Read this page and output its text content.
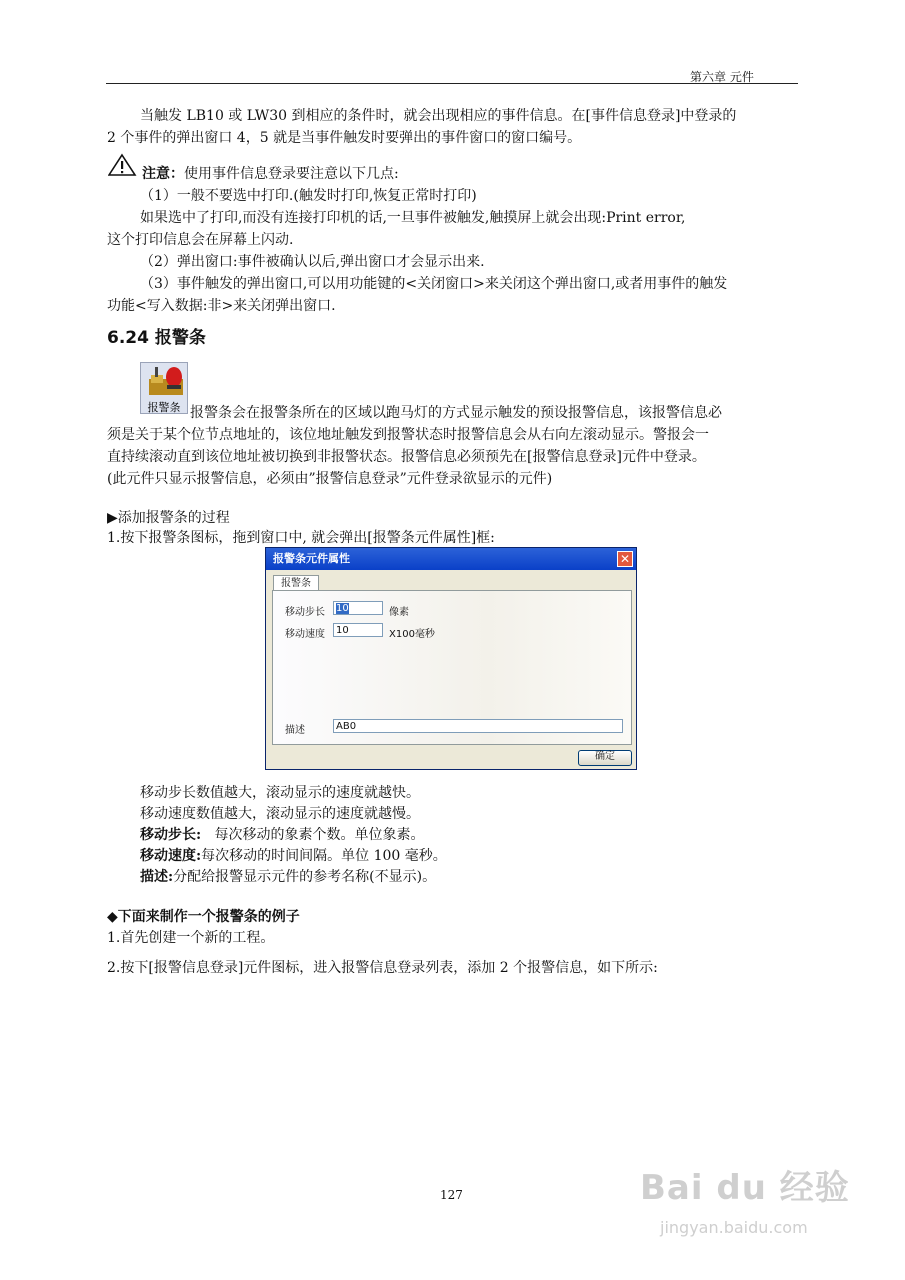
第六章 元件
当触发 LB10 或 LW30 到相应的条件时，就会出现相应的事件信息。在[事件信息登录]中登录的
2 个事件的弹出窗口 4，5 就是当事件触发时要弹出的事件窗口的窗口编号。
注意：使用事件信息登录要注意以下几点:
（1）一般不要选中打印.(触发时打印,恢复正常时打印)
如果选中了打印,而没有连接打印机的话,一旦事件被触发,触摸屏上就会出现:Print error,
这个打印信息会在屏幕上闪动.
（2）弹出窗口:事件被确认以后,弹出窗口才会显示出来.
（3）事件触发的弹出窗口,可以用功能键的<关闭窗口>来关闭这个弹出窗口,或者用事件的触发
功能<写入数据:非>来关闭弹出窗口.
6.24 报警条
报警条 报警条会在报警条所在的区域以跑马灯的方式显示触发的预设报警信息，该报警信息必
须是关于某个位节点地址的，该位地址触发到报警状态时报警信息会从右向左滚动显示。警报会一
直持续滚动直到该位地址被切换到非报警状态。报警信息必须预先在[报警信息登录]元件中登录。
(此元件只显示报警信息，必须由”报警信息登录”元件登录欲显示的元件)
▶添加报警条的过程
1.按下报警条图标，拖到窗口中, 就会弹出[报警条元件属性]框:
报警条元件属性	✕
报警条
移动步长	10	像素
移动速度	10	X100毫秒
描述	AB0
确定
移动步长数值越大，滚动显示的速度就越快。
移动速度数值越大，滚动显示的速度就越慢。
移动步长:   每次移动的象素个数。单位象素。
移动速度:每次移动的时间间隔。单位 100 毫秒。
描述:分配给报警显示元件的参考名称(不显示)。
◆下面来制作一个报警条的例子
1.首先创建一个新的工程。
2.按下[报警信息登录]元件图标，进入报警信息登录列表，添加 2 个报警信息，如下所示:
127	Bai du 经验
jingyan.baidu.com
